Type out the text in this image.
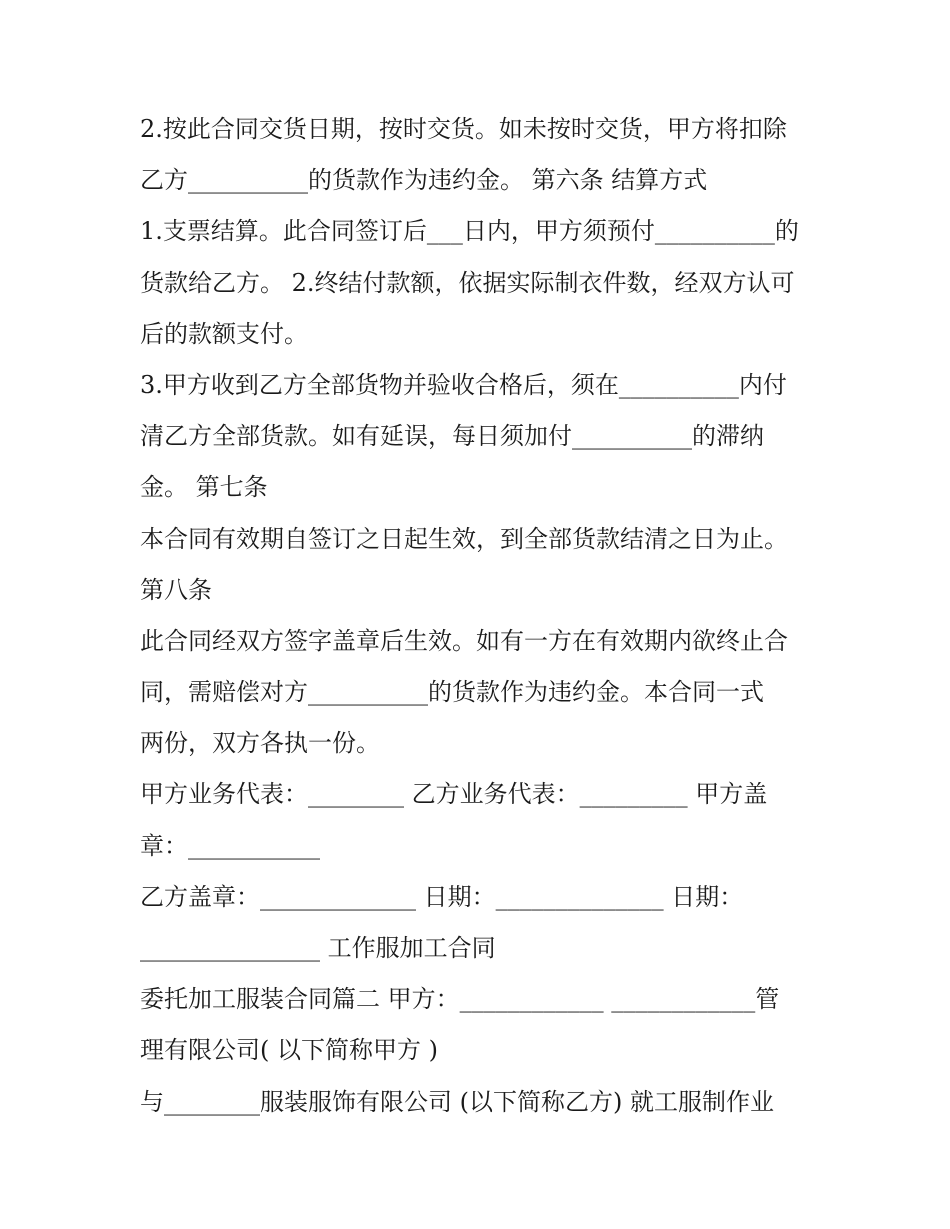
2.按此合同交货日期，按时交货。如未按时交货，甲方将扣除

乙方__________的货款作为违约金。 第六条 结算方式

1.支票结算。此合同签订后___日内，甲方须预付__________的

货款给乙方。 2.终结付款额，依据实际制衣件数，经双方认可

后的款额支付。

3.甲方收到乙方全部货物并验收合格后，须在__________内付

清乙方全部货款。如有延误，每日须加付__________的滞纳

金。 第七条

本合同有效期自签订之日起生效，到全部货款结清之日为止。

第八条

此合同经双方签字盖章后生效。如有一方在有效期内欲终止合

同，需赔偿对方__________的货款作为违约金。本合同一式

两份，双方各执一份。

甲方业务代表：________ 乙方业务代表：_________ 甲方盖

章：___________

乙方盖章：_____________ 日期：______________ 日期：

_______________ 工作服加工合同

委托加工服装合同篇二 甲方：____________ ____________管

理有限公司( 以下简称甲方 )

与________服装服饰有限公司 (以下简称乙方) 就工服制作业
